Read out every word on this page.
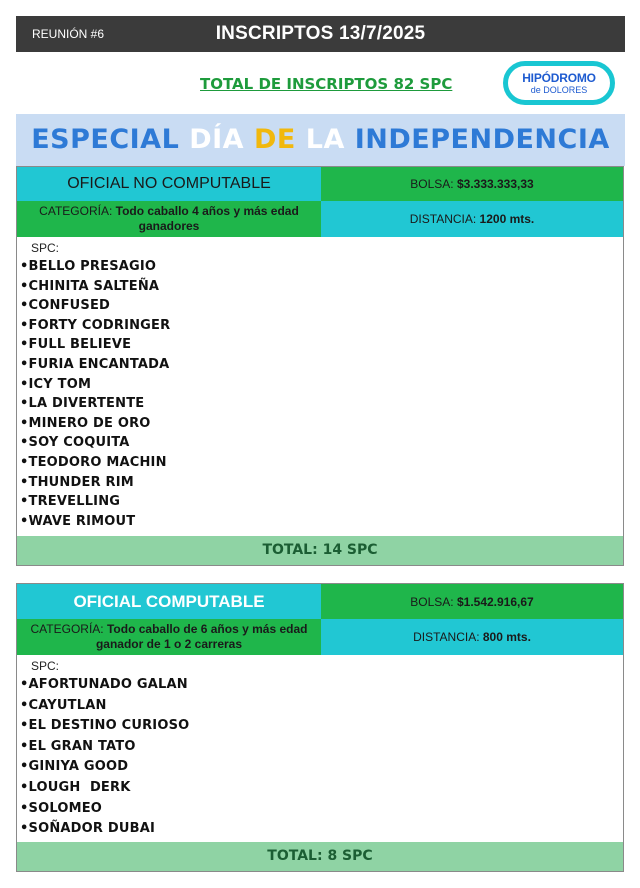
REUNIÓN #6	INSCRIPTOS 13/7/2025
TOTAL DE INSCRIPTOS 82 SPC	HIPÓDROMO
de DOLORES
ESPECIAL DÍA DE LA INDEPENDENCIA
OFICIAL NO COMPUTABLE	BOLSA:
$3.333.333,33
CATEGORÍA: Todo caballo 4 años y más edad ganadores	DISTANCIA:
1200 mts.
SPC:
•BELLO PRESAGIO
•CHINITA SALTEÑA
•CONFUSED
•FORTY CODRINGER
•FULL BELIEVE
•FURIA ENCANTADA
•ICY TOM
•LA DIVERTENTE
•MINERO DE ORO
•SOY COQUITA
•TEODORO MACHIN
•THUNDER RIM
•TREVELLING
•WAVE RIMOUT
TOTAL: 14 SPC
OFICIAL COMPUTABLE	BOLSA:
$1.542.916,67
CATEGORÍA: Todo caballo de 6 años y más edad ganador de 1 o 2 carreras	DISTANCIA:
800 mts.
SPC:
•AFORTUNADO GALAN
•CAYUTLAN
•EL DESTINO CURIOSO
•EL GRAN TATO
•GINIYA GOOD
•LOUGH  DERK
•SOLOMEO
•SOÑADOR DUBAI
TOTAL: 8 SPC
